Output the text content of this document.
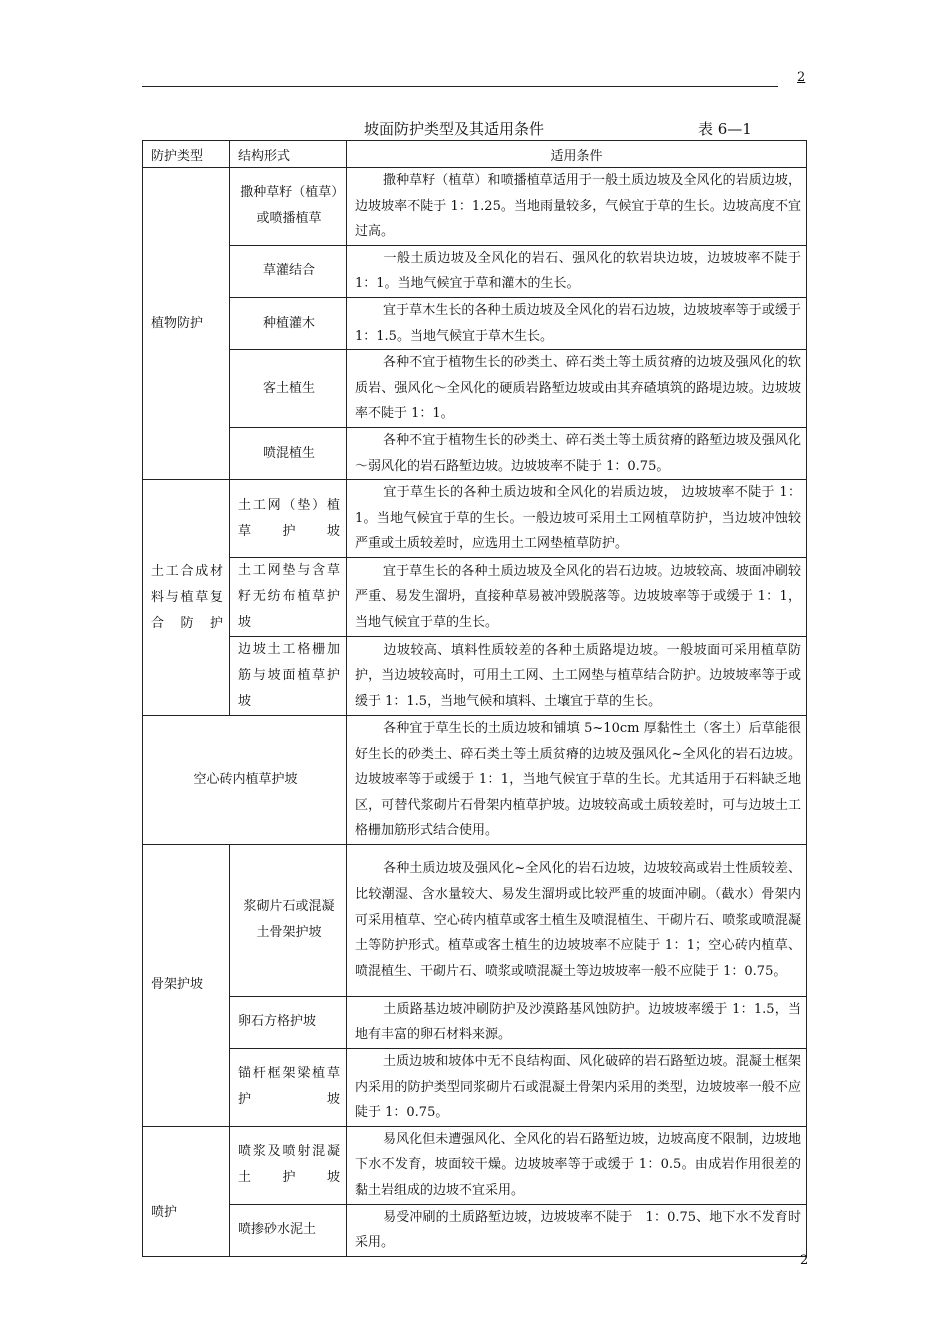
2
坡面防护类型及其适用条件	表 6—1
防护类型	结构形式	适用条件
植物防护	撒种草籽（植草）或喷播植草	撒种草籽（植草）和喷播植草适用于一般土质边坡及全风化的岩质边坡，边坡坡率不陡于 1：1.25。当地雨量较多，气候宜于草的生长。边坡高度不宜过高。
	草灌结合	一般土质边坡及全风化的岩石、强风化的软岩块边坡，边坡坡率不陡于 1：1。当地气候宜于草和灌木的生长。
	种植灌木	宜于草木生长的各种土质边坡及全风化的岩石边坡，边坡坡率等于或缓于 1：1.5。当地气候宜于草木生长。
	客土植生	各种不宜于植物生长的砂类土、碎石类土等土质贫瘠的边坡及强风化的软质岩、强风化～全风化的硬质岩路堑边坡或由其弃碴填筑的路堤边坡。边坡坡率不陡于 1：1。
	喷混植生	各种不宜于植物生长的砂类土、碎石类土等土质贫瘠的路堑边坡及强风化～弱风化的岩石路堑边坡。边坡坡率不陡于 1：0.75。
土工合成材料与植草复合防护	土工网（垫）植草护坡	宜于草生长的各种土质边坡和全风化的岩质边坡， 边坡坡率不陡于 1：1。当地气候宜于草的生长。一般边坡可采用土工网植草防护，当边坡冲蚀较严重或土质较差时，应选用土工网垫植草防护。
	土工网垫与含草籽无纺布植草护坡	宜于草生长的各种土质边坡及全风化的岩石边坡。边坡较高、坡面冲刷较严重、易发生溜坍，直接种草易被冲毁脱落等。边坡坡率等于或缓于 1：1，当地气候宜于草的生长。
	边坡土工格栅加筋与坡面植草护坡	边坡较高、填料性质较差的各种土质路堤边坡。一般坡面可采用植草防护，当边坡较高时，可用土工网、土工网垫与植草结合防护。边坡坡率等于或缓于 1：1.5，当地气候和填料、土壤宜于草的生长。
空心砖内植草护坡		各种宜于草生长的土质边坡和铺填 5~10cm 厚黏性土（客土）后草能很好生长的砂类土、碎石类土等土质贫瘠的边坡及强风化~全风化的岩石边坡。边坡坡率等于或缓于 1：1，当地气候宜于草的生长。尤其适用于石料缺乏地区，可替代浆砌片石骨架内植草护坡。边坡较高或土质较差时，可与边坡土工格栅加筋形式结合使用。
骨架护坡	浆砌片石或混凝土骨架护坡	各种土质边坡及强风化~全风化的岩石边坡，边坡较高或岩土性质较差、比较潮湿、含水量较大、易发生溜坍或比较严重的坡面冲刷。（截水）骨架内可采用植草、空心砖内植草或客土植生及喷混植生、干砌片石、喷浆或喷混凝土等防护形式。植草或客土植生的边坡坡率不应陡于 1：1；空心砖内植草、喷混植生、干砌片石、喷浆或喷混凝土等边坡坡率一般不应陡于 1：0.75。
	卵石方格护坡	土质路基边坡冲刷防护及沙漠路基风蚀防护。边坡坡率缓于 1：1.5，当地有丰富的卵石材料来源。
	锚杆框架梁植草护坡	土质边坡和坡体中无不良结构面、风化破碎的岩石路堑边坡。混凝土框架内采用的防护类型同浆砌片石或混凝土骨架内采用的类型，边坡坡率一般不应陡于 1：0.75。
喷护	喷浆及喷射混凝土护坡	易风化但未遭强风化、全风化的岩石路堑边坡，边坡高度不限制，边坡地下水不发育，坡面较干燥。边坡坡率等于或缓于 1：0.5。由成岩作用很差的黏土岩组成的边坡不宜采用。
	喷掺砂水泥土	易受冲刷的土质路堑边坡，边坡坡率不陡于　1：0.75、地下水不发育时采用。
2
